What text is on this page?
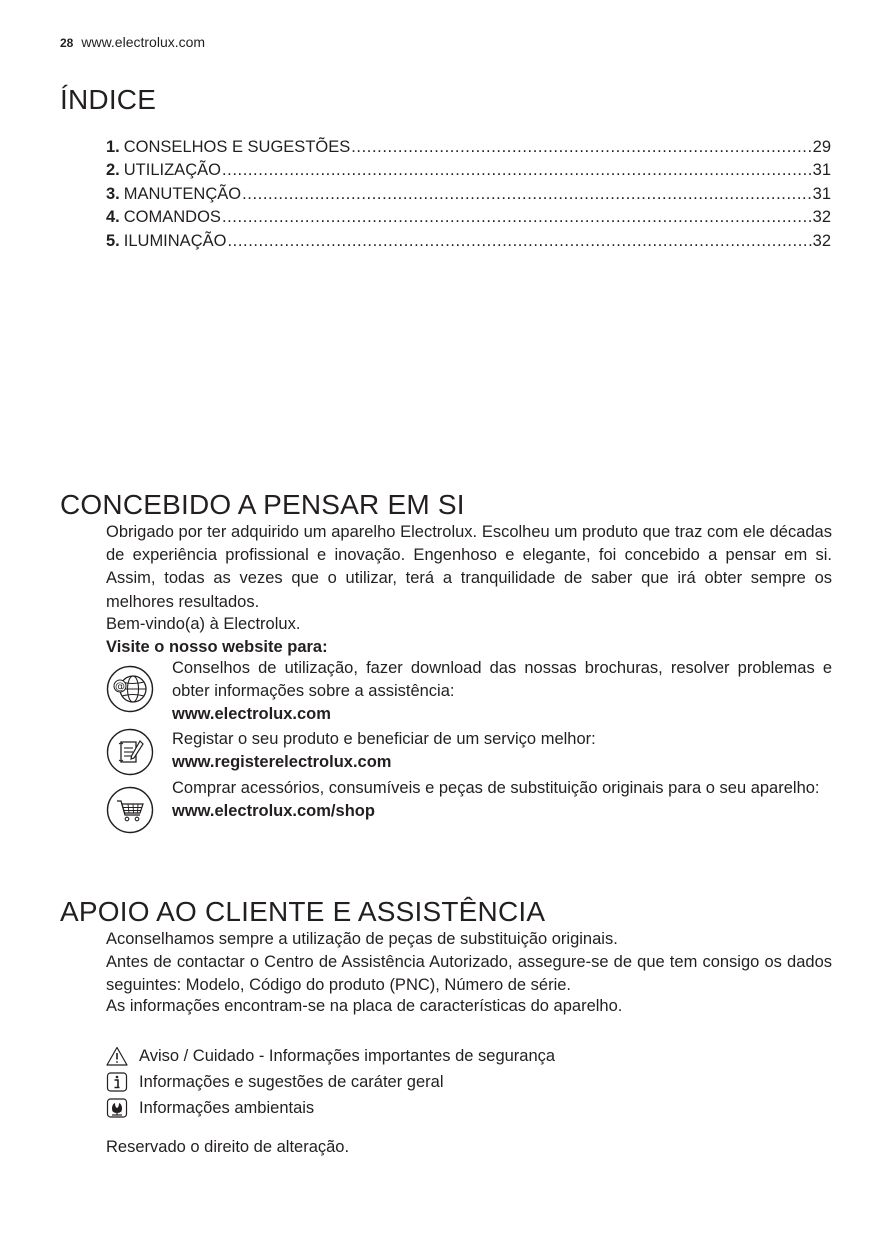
28 www.electrolux.com
ÍNDICE
1. CONSELHOS E SUGESTÕES .....	29
2. UTILIZAÇÃO .....	31
3. MANUTENÇÃO .....	31
4. COMANDOS .....	32
5. ILUMINAÇÃO .....	32
CONCEBIDO A PENSAR EM SI
Obrigado por ter adquirido um aparelho Electrolux. Escolheu um produto que traz com ele décadas de experiência profissional e inovação. Engenhoso e elegante, foi concebido a pensar em si. Assim, todas as vezes que o utilizar, terá a tranquilidade de saber que irá obter sempre os melhores resultados.
Bem-vindo(a) à Electrolux.
Visite o nosso website para:
@
Conselhos de utilização, fazer download das nossas brochuras, resolver problemas e obter informações sobre a assistência:
www.electrolux.com
Registar o seu produto e beneficiar de um serviço melhor:
www.registerelectrolux.com
Comprar acessórios, consumíveis e peças de substituição originais para o seu aparelho:
www.electrolux.com/shop
APOIO AO CLIENTE E ASSISTÊNCIA
Aconselhamos sempre a utilização de peças de substituição originais.
Antes de contactar o Centro de Assistência Autorizado, assegure-se de que tem consigo os dados seguintes: Modelo, Código do produto (PNC), Número de série.
As informações encontram-se na placa de características do aparelho.
Aviso / Cuidado - Informações importantes de segurança
Informações e sugestões de caráter geral
Informações ambientais
Reservado o direito de alteração.
